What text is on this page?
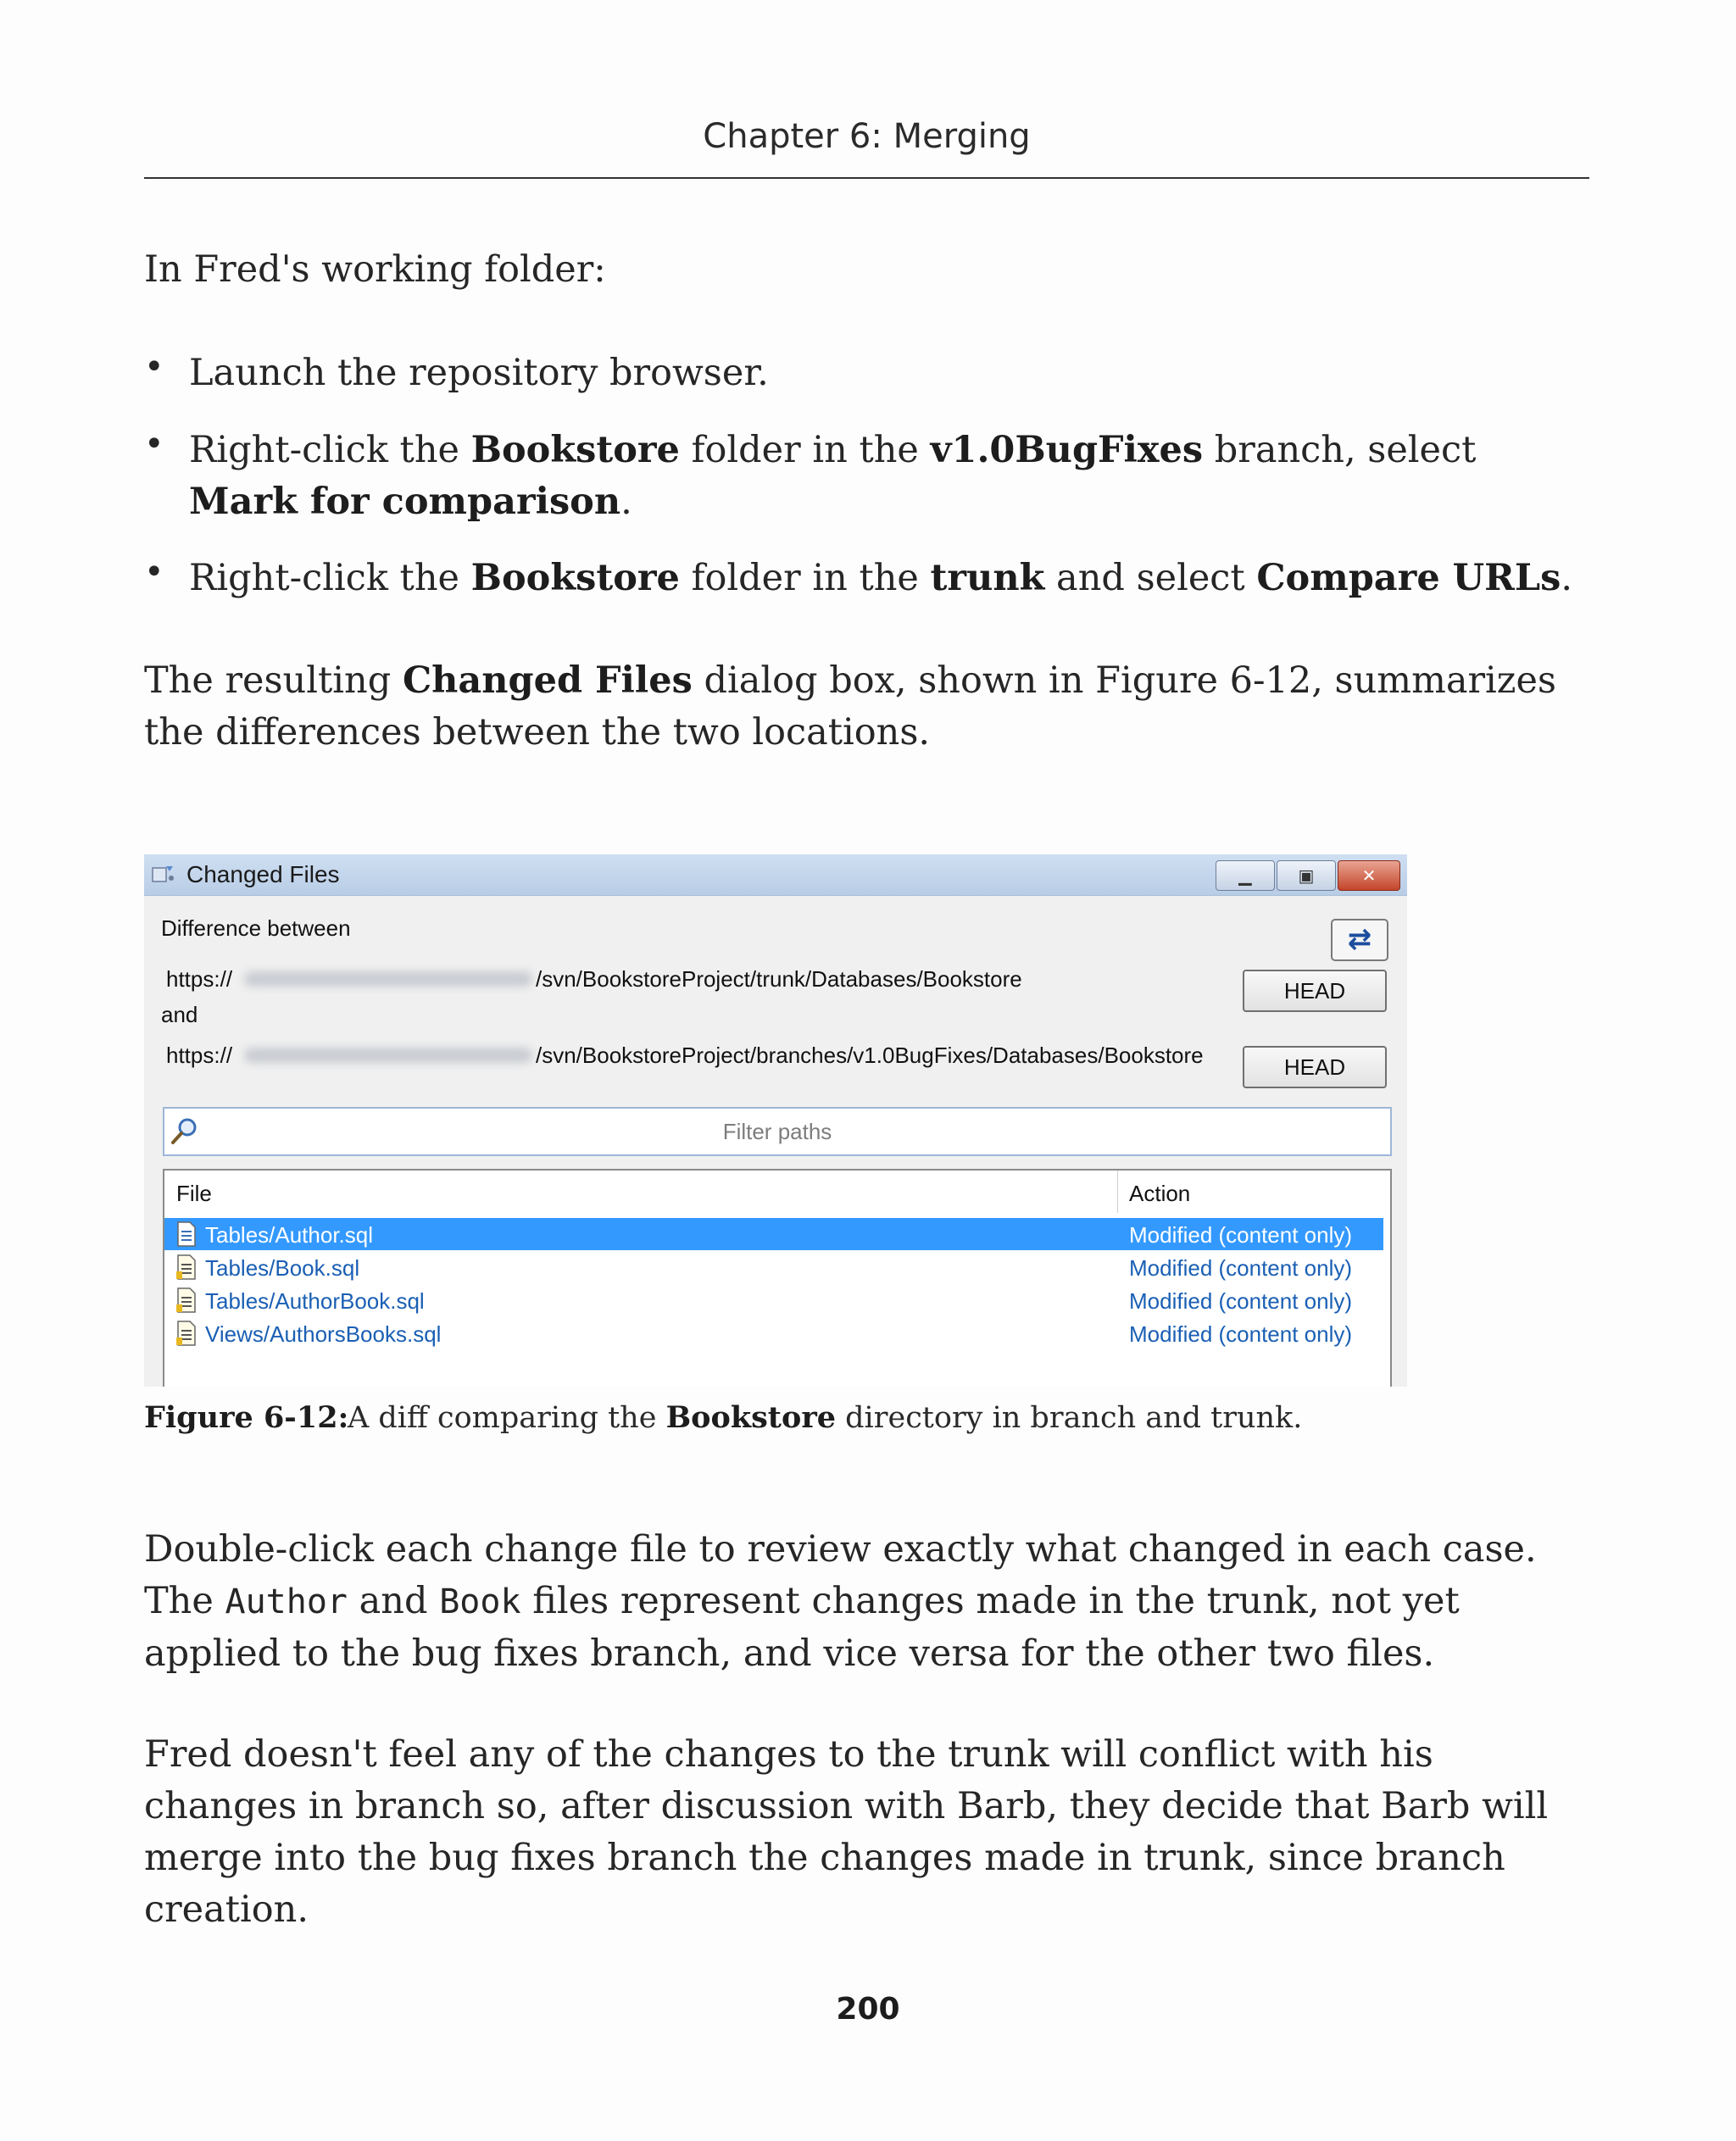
Chapter 6: Merging
In Fred's working folder:
• Launch the repository browser.
• Right-click the Bookstore folder in the v1.0BugFixes branch, select Mark for comparison.
• Right-click the Bookstore folder in the trunk and select Compare URLs.
The resulting Changed Files dialog box, shown in Figure 6-12, summarizes the differences between the two locations.
Changed Files	▁	▣	✕
Difference between	⇄
https://	/svn/BookstoreProject/trunk/Databases/Bookstore	HEAD
and
https://	/svn/BookstoreProject/branches/v1.0BugFixes/Databases/Bookstore	HEAD
Filter paths
File	Action
Tables/Author.sql	Modified (content only)
Tables/Book.sql	Modified (content only)
Tables/AuthorBook.sql	Modified (content only)
Views/AuthorsBooks.sql	Modified (content only)
Figure 6-12:
A diff comparing the Bookstore directory in branch and trunk.
Double-click each change file to review exactly what changed in each case. The Author and Book files represent changes made in the trunk, not yet applied to the bug fixes branch, and vice versa for the other two files.
Fred doesn't feel any of the changes to the trunk will conflict with his changes in branch so, after discussion with Barb, they decide that Barb will merge into the bug fixes branch the changes made in trunk, since branch creation.
200
